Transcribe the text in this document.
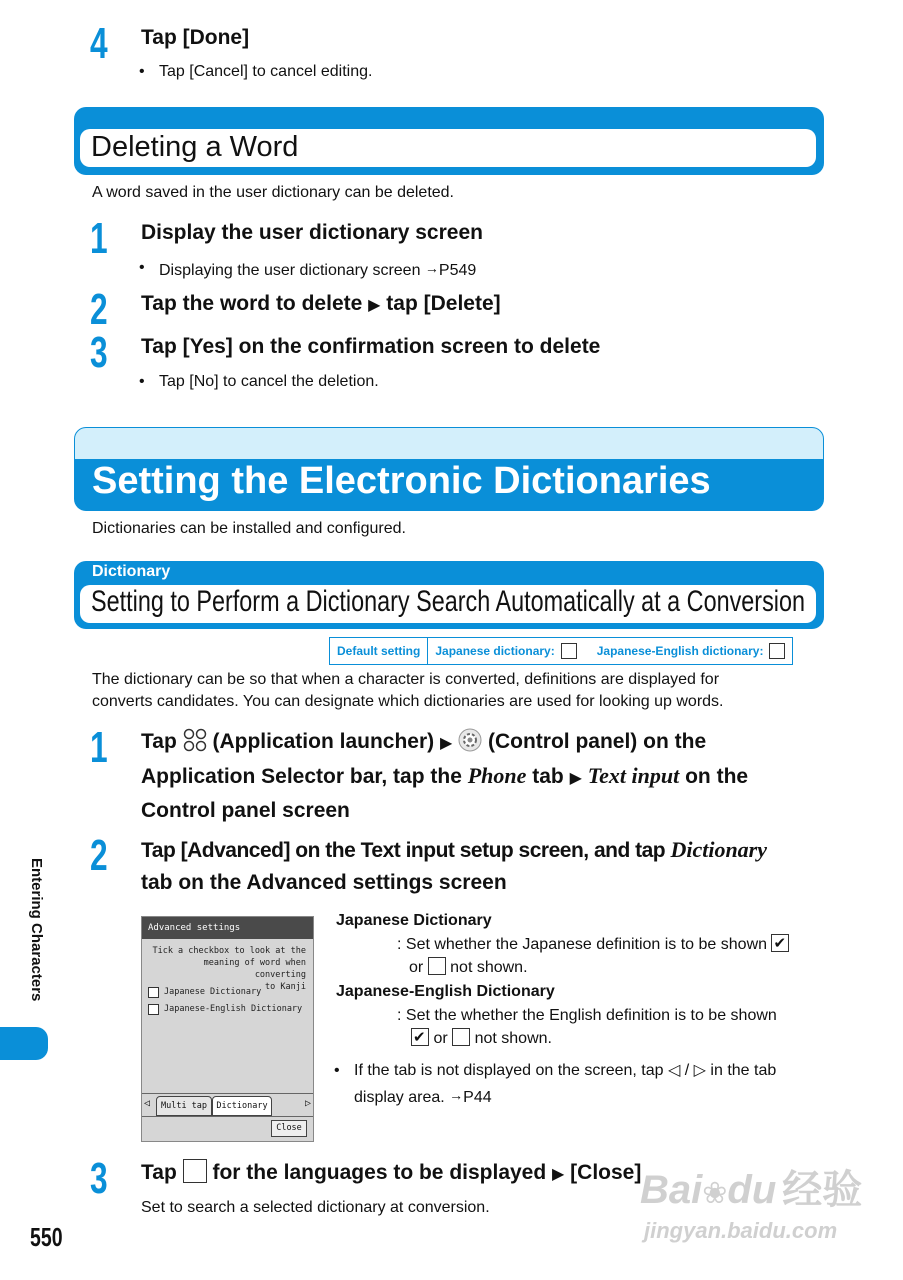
4 Tap [Done]
• Tap [Cancel] to cancel editing.
Deleting a Word
A word saved in the user dictionary can be deleted.
1 Display the user dictionary screen
• Displaying the user dictionary screen →P549
2 Tap the word to delete ▶ tap [Delete]
3 Tap [Yes] on the confirmation screen to delete
• Tap [No] to cancel the deletion.
Setting the Electronic Dictionaries
Dictionaries can be installed and configured.
Dictionary
Setting to Perform a Dictionary Search Automatically at a Conversion
Default setting	Japanese dictionary:	Japanese-English dictionary:
The dictionary can be so that when a character is converted, definitions are displayed for
converts candidates. You can designate which dictionaries are used for looking up words.
1 Tap  (Application launcher) ▶  (Control panel) on the
Application Selector bar, tap the Phone tab ▶ Text input on the
Control panel screen
2 Tap [Advanced] on the Text input setup screen, and tap Dictionary
tab on the Advanced settings screen
Advanced settings
Tick a checkbox to look at the
meaning of word when converting
to Kanji
Japanese Dictionary
Japanese-English Dictionary
◁	Multi tap	Dictionary	▷
Close
Japanese Dictionary
: Set whether the Japanese definition is to be shown ✔
or not shown.
Japanese-English Dictionary
: Set the whether the English definition is to be shown
✔ or not shown.
• If the tab is not displayed on the screen, tap ◁ / ▷ in the tab
display area. →P44
3 Tap  for the languages to be displayed ▶ [Close]
Set to search a selected dictionary at conversion.
Entering Characters
550
Bai❀du 经验
jingyan.baidu.com
